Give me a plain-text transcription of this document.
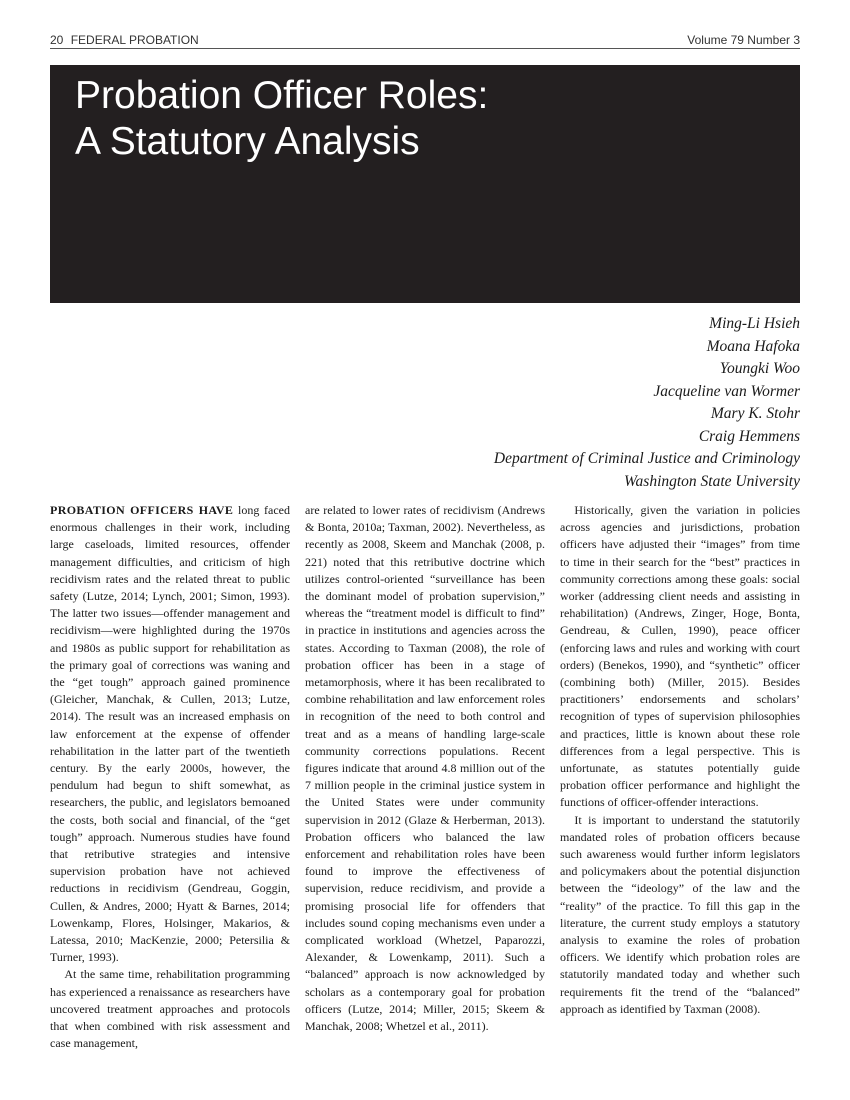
20 FEDERAL PROBATION	Volume 79 Number 3
Probation Officer Roles:
A Statutory Analysis
Ming-Li Hsieh
Moana Hafoka
Youngki Woo
Jacqueline van Wormer
Mary K. Stohr
Craig Hemmens
Department of Criminal Justice and Criminology
Washington State University

PROBATION OFFICERS HAVE long faced enormous challenges in their work, including large caseloads, limited resources, offender management difficulties, and criticism of high recidivism rates and the related threat to public safety (Lutze, 2014; Lynch, 2001; Simon, 1993). The latter two issues—offender management and recidivism—were highlighted during the 1970s and 1980s as public support for rehabilitation as the primary goal of corrections was waning and the “get tough” approach gained prominence (Gleicher, Manchak, & Cullen, 2013; Lutze, 2014). The result was an increased emphasis on law enforcement at the expense of offender rehabilitation in the latter part of the twentieth century. By the early 2000s, however, the pendulum had begun to shift somewhat, as researchers, the public, and legislators bemoaned the costs, both social and financial, of the “get tough” approach. Numerous studies have found that retributive strategies and intensive supervision probation have not achieved reductions in recidivism (Gendreau, Goggin, Cullen, & Andres, 2000; Hyatt & Barnes, 2014; Lowenkamp, Flores, Holsinger, Makarios, & Latessa, 2010; MacKenzie, 2000; Petersilia & Turner, 1993).

At the same time, rehabilitation programming has experienced a renaissance as researchers have uncovered treatment approaches and protocols that when combined with risk assessment and case management,

are related to lower rates of recidivism (Andrews & Bonta, 2010a; Taxman, 2002). Nevertheless, as recently as 2008, Skeem and Manchak (2008, p. 221) noted that this retributive doctrine which utilizes control-oriented “surveillance has been the dominant model of probation supervision,” whereas the “treatment model is difficult to find” in practice in institutions and agencies across the states. According to Taxman (2008), the role of probation officer has been in a stage of metamorphosis, where it has been recalibrated to combine rehabilitation and law enforcement roles in recognition of the need to both control and treat and as a means of handling large-scale community corrections populations. Recent figures indicate that around 4.8 million out of the 7 million people in the criminal justice system in the United States were under community supervision in 2012 (Glaze & Herberman, 2013). Probation officers who balanced the law enforcement and rehabilitation roles have been found to improve the effectiveness of supervision, reduce recidivism, and provide a promising prosocial life for offenders that includes sound coping mechanisms even under a complicated workload (Whetzel, Paparozzi, Alexander, & Lowenkamp, 2011). Such a “balanced” approach is now acknowledged by scholars as a contemporary goal for probation officers (Lutze, 2014; Miller, 2015; Skeem & Manchak, 2008; Whetzel et al., 2011).

Historically, given the variation in policies across agencies and jurisdictions, probation officers have adjusted their “images” from time to time in their search for the “best” practices in community corrections among these goals: social worker (addressing client needs and assisting in rehabilitation) (Andrews, Zinger, Hoge, Bonta, Gendreau, & Cullen, 1990), peace officer (enforcing laws and rules and working with court orders) (Benekos, 1990), and “synthetic” officer (combining both) (Miller, 2015). Besides practitioners’ endorsements and scholars’ recognition of types of supervision philosophies and practices, little is known about these role differences from a legal perspective. This is unfortunate, as statutes potentially guide probation officer performance and highlight the functions of officer-offender interactions.

It is important to understand the statutorily mandated roles of probation officers because such awareness would further inform legislators and policymakers about the potential disjunction between the “ideology” of the law and the “reality” of the practice. To fill this gap in the literature, the current study employs a statutory analysis to examine the roles of probation officers. We identify which probation roles are statutorily mandated today and whether such requirements fit the trend of the “balanced” approach as identified by Taxman (2008).
